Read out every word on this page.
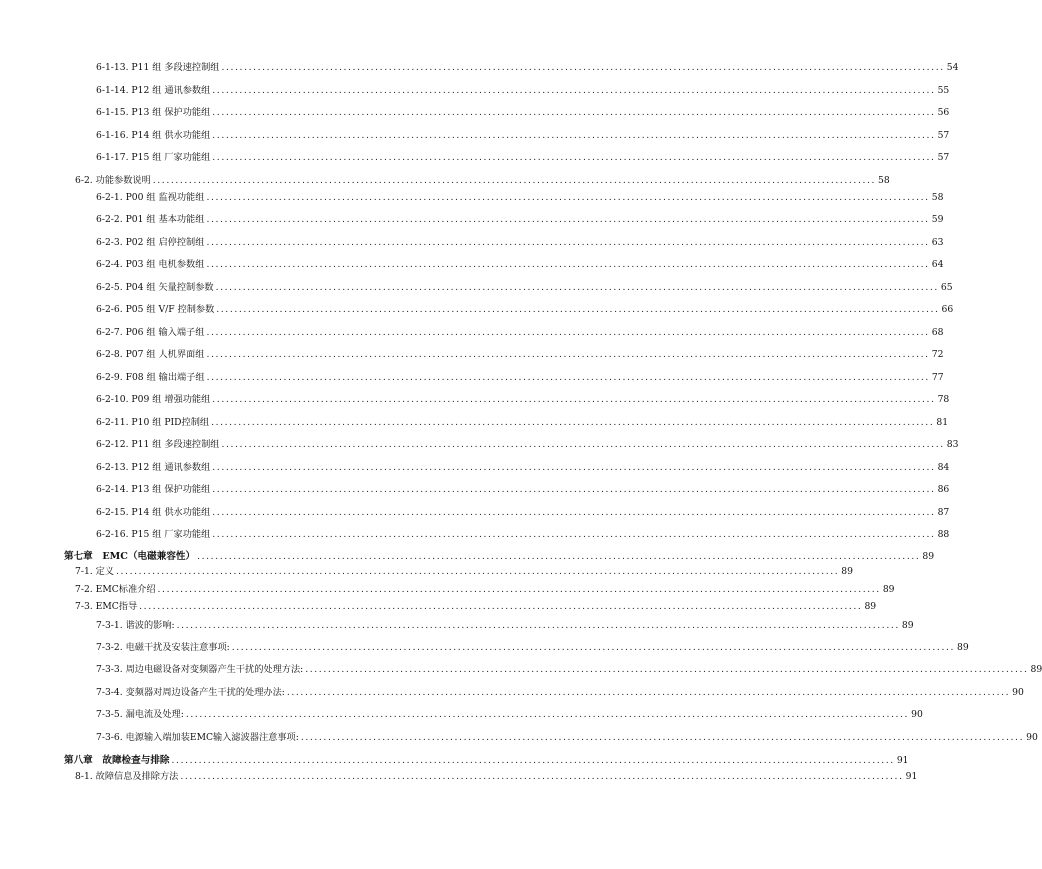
6-1-13. P11 组 多段速控制组 ................................................................................................................................................................ 54
6-1-14. P12 组 通讯参数组 ................................................................................................................................................................ 55
6-1-15. P13 组 保护功能组 ................................................................................................................................................................ 56
6-1-16. P14 组 供水功能组 ................................................................................................................................................................ 57
6-1-17. P15 组 厂家功能组 ................................................................................................................................................................ 57
6-2. 功能参数说明 ................................................................................................................................................................ 58
6-2-1. P00 组 监视功能组 ................................................................................................................................................................ 58
6-2-2. P01 组 基本功能组 ................................................................................................................................................................ 59
6-2-3. P02 组 启停控制组 ................................................................................................................................................................ 63
6-2-4. P03 组 电机参数组 ................................................................................................................................................................ 64
6-2-5. P04 组 矢量控制参数 ................................................................................................................................................................ 65
6-2-6. P05 组 V/F 控制参数 ................................................................................................................................................................ 66
6-2-7. P06 组 输入端子组 ................................................................................................................................................................ 68
6-2-8. P07 组 人机界面组 ................................................................................................................................................................ 72
6-2-9. F08 组 输出端子组 ................................................................................................................................................................ 77
6-2-10. P09 组 增强功能组 ................................................................................................................................................................ 78
6-2-11. P10 组 PID控制组 ................................................................................................................................................................ 81
6-2-12. P11 组 多段速控制组 ................................................................................................................................................................ 83
6-2-13. P12 组 通讯参数组 ................................................................................................................................................................ 84
6-2-14. P13 组 保护功能组 ................................................................................................................................................................ 86
6-2-15. P14 组 供水功能组 ................................................................................................................................................................ 87
6-2-16. P15 组 厂家功能组 ................................................................................................................................................................ 88
第七章　EMC（电磁兼容性） ................................................................................................................................................................ 89
7-1. 定义 ................................................................................................................................................................ 89
7-2. EMC标准介绍 ................................................................................................................................................................ 89
7-3. EMC指导 ................................................................................................................................................................ 89
7-3-1. 谐波的影响: ................................................................................................................................................................ 89
7-3-2. 电磁干扰及安装注意事项: ................................................................................................................................................................ 89
7-3-3. 周边电磁设备对变频器产生干扰的处理方法: ................................................................................................................................................................ 89
7-3-4. 变频器对周边设备产生干扰的处理办法: ................................................................................................................................................................ 90
7-3-5. 漏电流及处理: ................................................................................................................................................................ 90
7-3-6. 电源输入端加装EMC输入滤波器注意事项: ................................................................................................................................................................ 90
第八章　故障检查与排除 ................................................................................................................................................................ 91
8-1. 故障信息及排除方法 ................................................................................................................................................................ 91
